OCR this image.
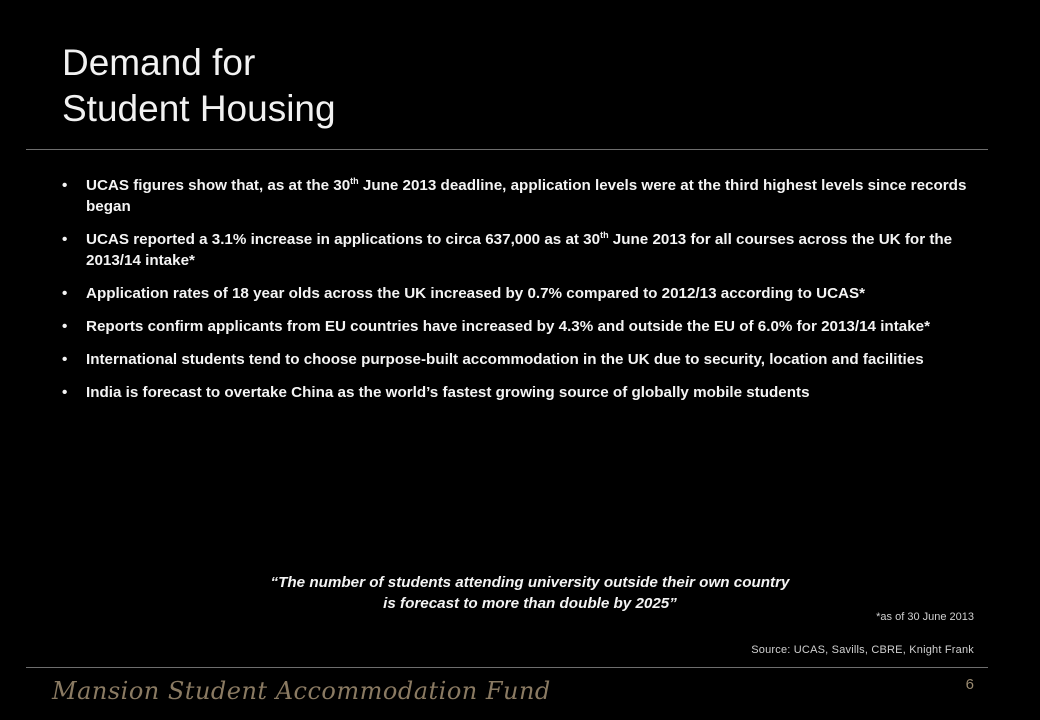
Demand for
Student Housing
• UCAS figures show that, as at the 30th June 2013 deadline, application levels were at the third highest levels since records began
• UCAS reported a 3.1% increase in applications to circa 637,000 as at 30th June 2013 for all courses across the UK for the 2013/14 intake*
• Application rates of 18 year olds across the UK increased by 0.7% compared to 2012/13 according to UCAS*
• Reports confirm applicants from EU countries have increased by 4.3% and outside the EU of 6.0% for 2013/14 intake*
• International students tend to choose purpose-built accommodation in the UK due to security, location and facilities
• India is forecast to overtake China as the world’s fastest growing source of globally mobile students
“The number of students attending university outside their own country
is forecast to more than double by 2025”
*as of 30 June 2013
Source: UCAS, Savills, CBRE, Knight Frank
Mansion Student Accommodation Fund	6
